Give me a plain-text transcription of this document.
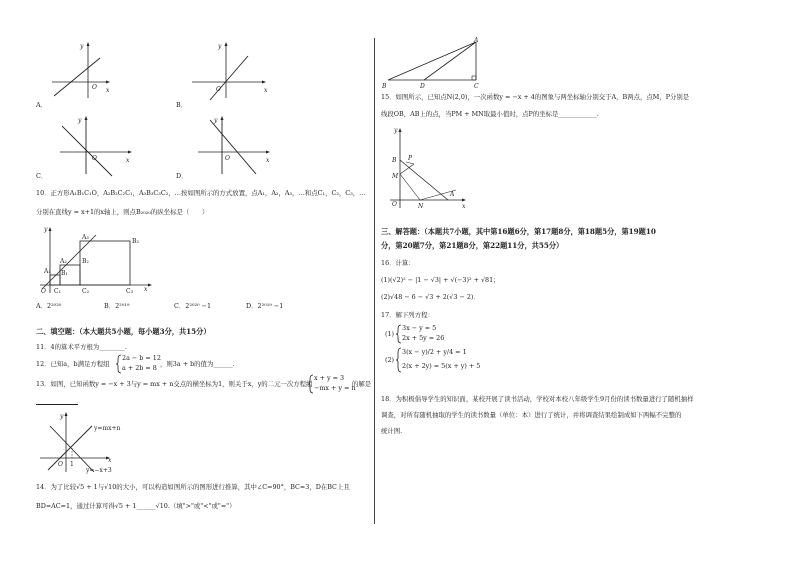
y
O x
A．
y
O	x
B．
y
O	x
C．
y
O	x
D．
10．正方形A₁B₁C₁O，A₂B₂C₂C₁，A₃B₃C₃C₂，…按如图所示的方式放置，点A₁，A₂，A₃，…和点C₁，C₂，C₃，…
分别在直线y = x+1的x轴上，则点B₂₀₂₀的纵坐标是（　　）
y
A₃
A₂
A₁ B₁
B₂
B₃
O C₁	C₂	C₃ x
A．2²⁰²⁰	B．2²⁰¹⁹	C．2²⁰²⁰ −1	D．2²⁰¹⁹ −1
二、填空题：（本大题共5小题，每小题3分，共15分）
11．4的算术平方根为________.
12．已知a，b满足方程组
2a − b = 12
a + 2b = 8 ，则3a + b的值为______.
13．如图，已知函数y = −x + 3与y = mx + n交点的横坐标为1，则关于x，y的二元一次方程组
x + y = 3
−mx + y = n
的解是
y
y=mx+n
O 1
x
y=−x+3
14．为了比较√5 + 1与√10的大小，可以构造如图所示的图形进行推算，其中∠C=90°，BC=3，D在BC上且
BD=AC=1，通过计算可得√5 + 1______√10.（填">"或"<"或"="）
A
B	D	C
15．如图所示，已知点N(2,0)，一次函数y = −x + 4的图象与两坐标轴分别交于A，B两点，点M，P分别是
线段OB，AB上的点，当PM + MN取最小值时，点P的坐标是____________.
y
B P
M
O	N
A
x
三、解答题：（本题共7小题，其中第16题6分，第17题8分，第18题5分，第19题10
分，第20题7分，第21题8分，第22题11分，共55分）
16．计算：
(1)(√2)² − |1 − √3| + √(−3)² + √81；
(2)√48 − 6 − √3 + 2(√3 − 2)．
17．解下列方程：
(1)
3x − y = 5
2x + 5y = 26
(2)
3(x − y)/2 + y/4 = 1
2(x + 2y) = 5(x + y) + 5
18．为积极倡导学生的知识面，某校开展了读书活动，学校对本校八年级学生9月份的读书数量进行了随机抽样
调查，对所有随机抽取的学生的读书数量（单位：本）进行了统计，并将调查结果绘制成如下两幅不完整的
统计图.
